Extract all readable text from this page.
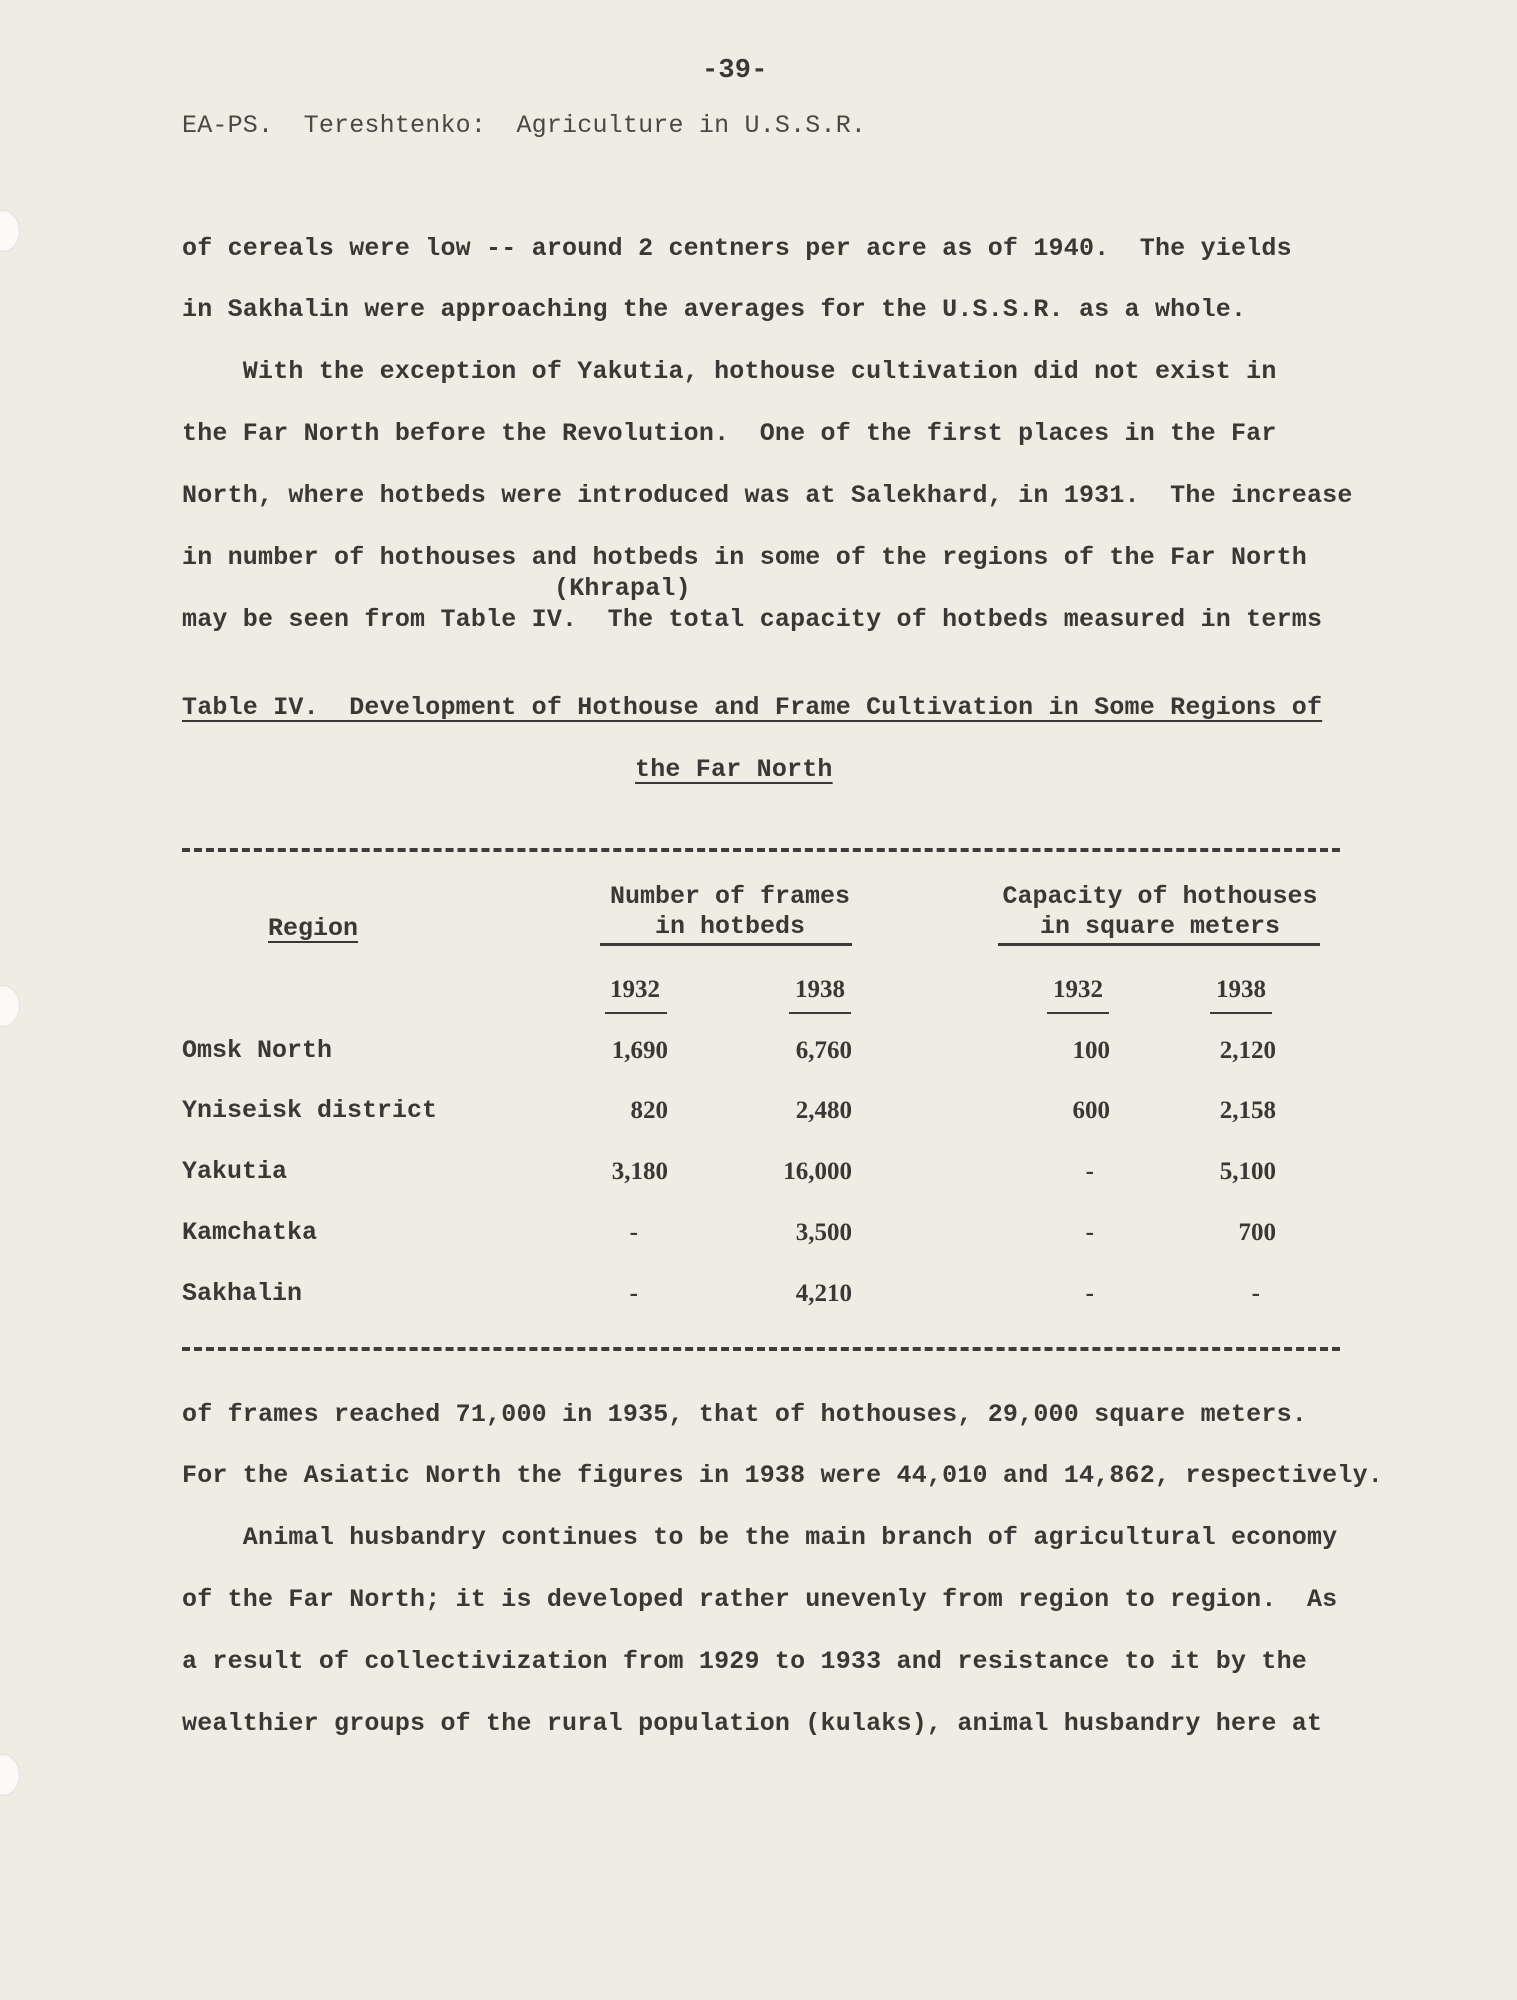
-39-
EA-PS.  Tereshtenko:  Agriculture in U.S.S.R.
of cereals were low -- around 2 centners per acre as of 1940.  The yields
in Sakhalin were approaching the averages for the U.S.S.R. as a whole.
With the exception of Yakutia, hothouse cultivation did not exist in
the Far North before the Revolution.  One of the first places in the Far
North, where hotbeds were introduced was at Salekhard, in 1931.  The increase
in number of hothouses and hotbeds in some of the regions of the Far North
(Khrapal)
may be seen from Table IV.  The total capacity of hotbeds measured in terms
Table IV.  Development of Hothouse and Frame Cultivation in Some Regions of
the Far North
Region
Number of frames
in hotbeds
Capacity of hothouses
in square meters
1932	1938	1932	1938
Omsk North	1,690	6,760	100	2,120
Yniseisk district	820	2,480	600	2,158
Yakutia	3,180	16,000	-	5,100
Kamchatka	-	3,500	-	700
Sakhalin	-	4,210	-	-
of frames reached 71,000 in 1935, that of hothouses, 29,000 square meters.
For the Asiatic North the figures in 1938 were 44,010 and 14,862, respectively.
Animal husbandry continues to be the main branch of agricultural economy
of the Far North; it is developed rather unevenly from region to region.  As
a result of collectivization from 1929 to 1933 and resistance to it by the
wealthier groups of the rural population (kulaks), animal husbandry here at
